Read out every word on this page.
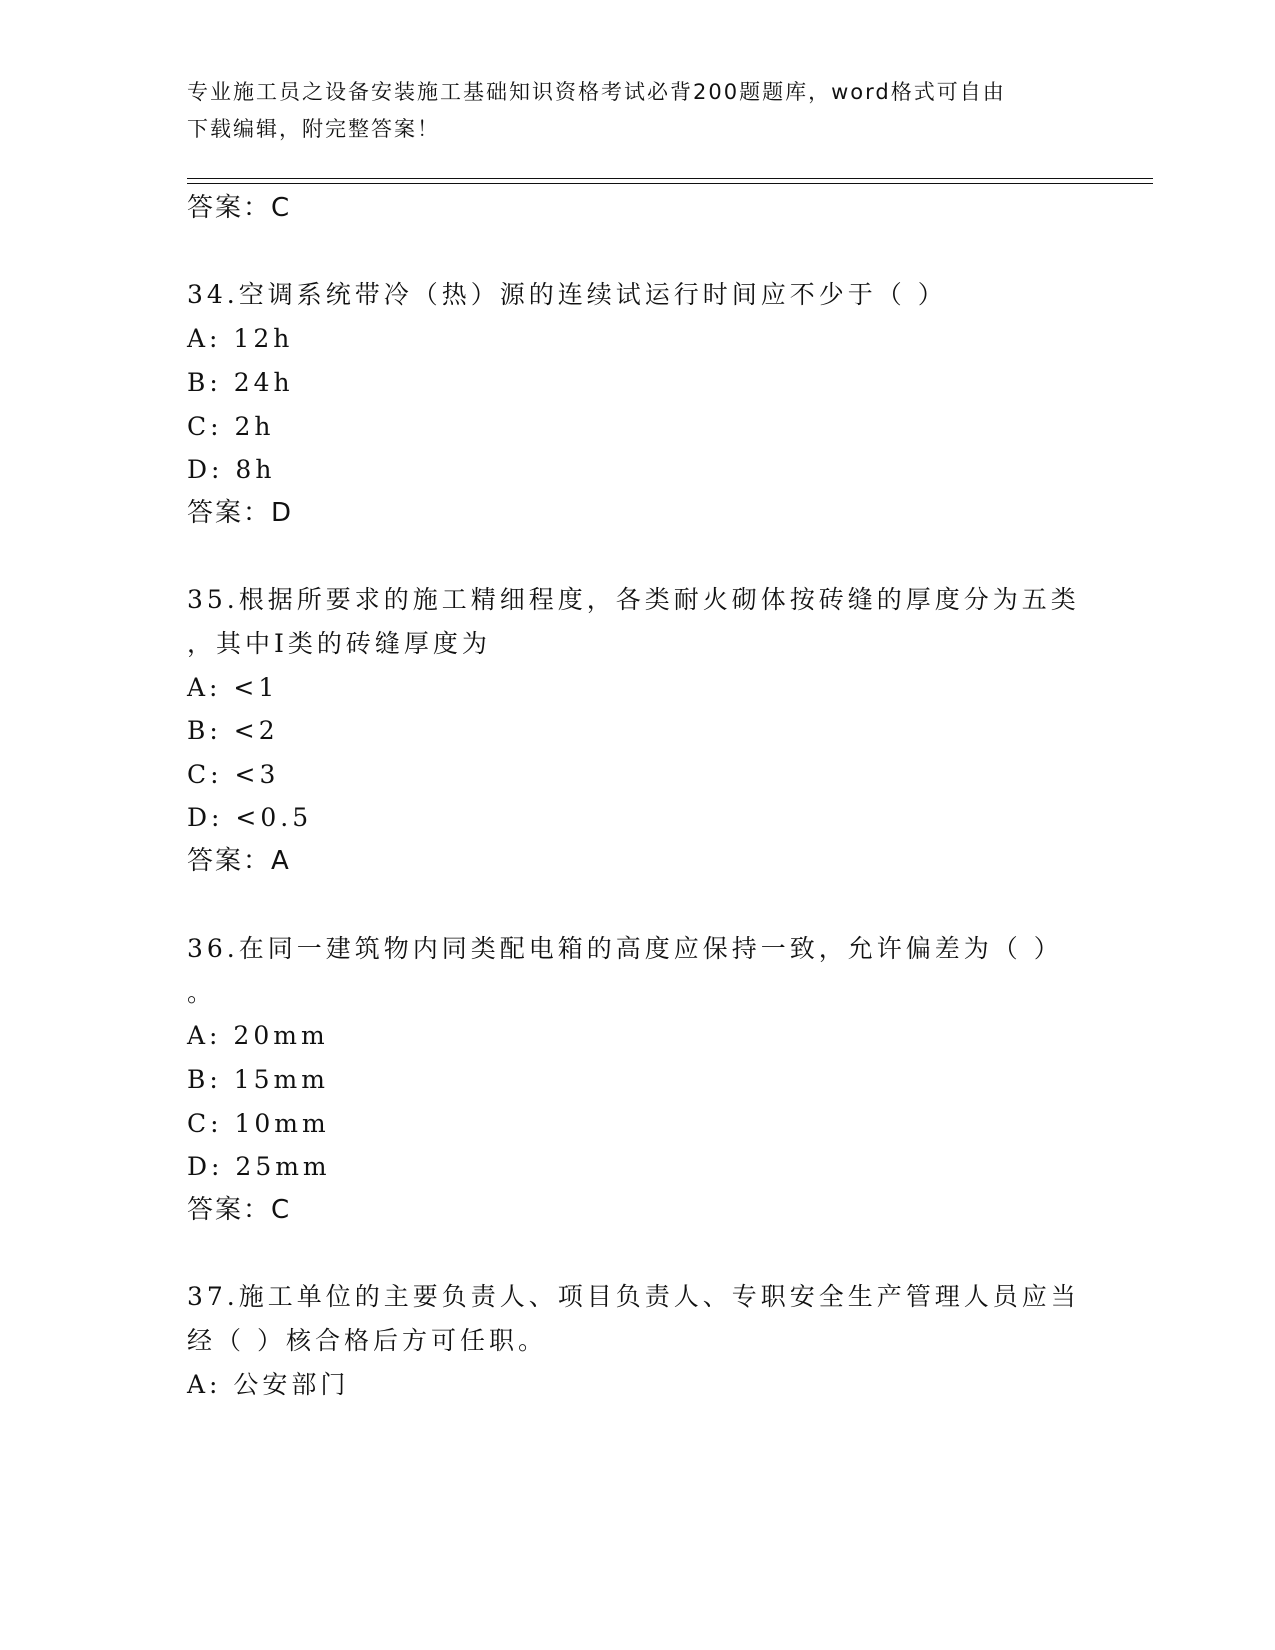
专业施工员之设备安装施工基础知识资格考试必背200题题库，word格式可自由
下载编辑，附完整答案！
答案：C
34.空调系统带冷（热）源的连续试运行时间应不少于（ ）
A: 12h
B: 24h
C: 2h
D: 8h
答案：D
35.根据所要求的施工精细程度，各类耐火砌体按砖缝的厚度分为五类
，其中Ⅰ类的砖缝厚度为
A: <1
B: <2
C: <3
D: <0.5
答案：A
36.在同一建筑物内同类配电箱的高度应保持一致，允许偏差为（ ）
。
A: 20mm
B: 15mm
C: 10mm
D: 25mm
答案：C
37.施工单位的主要负责人、项目负责人、专职安全生产管理人员应当
经（ ）核合格后方可任职。
A: 公安部门
